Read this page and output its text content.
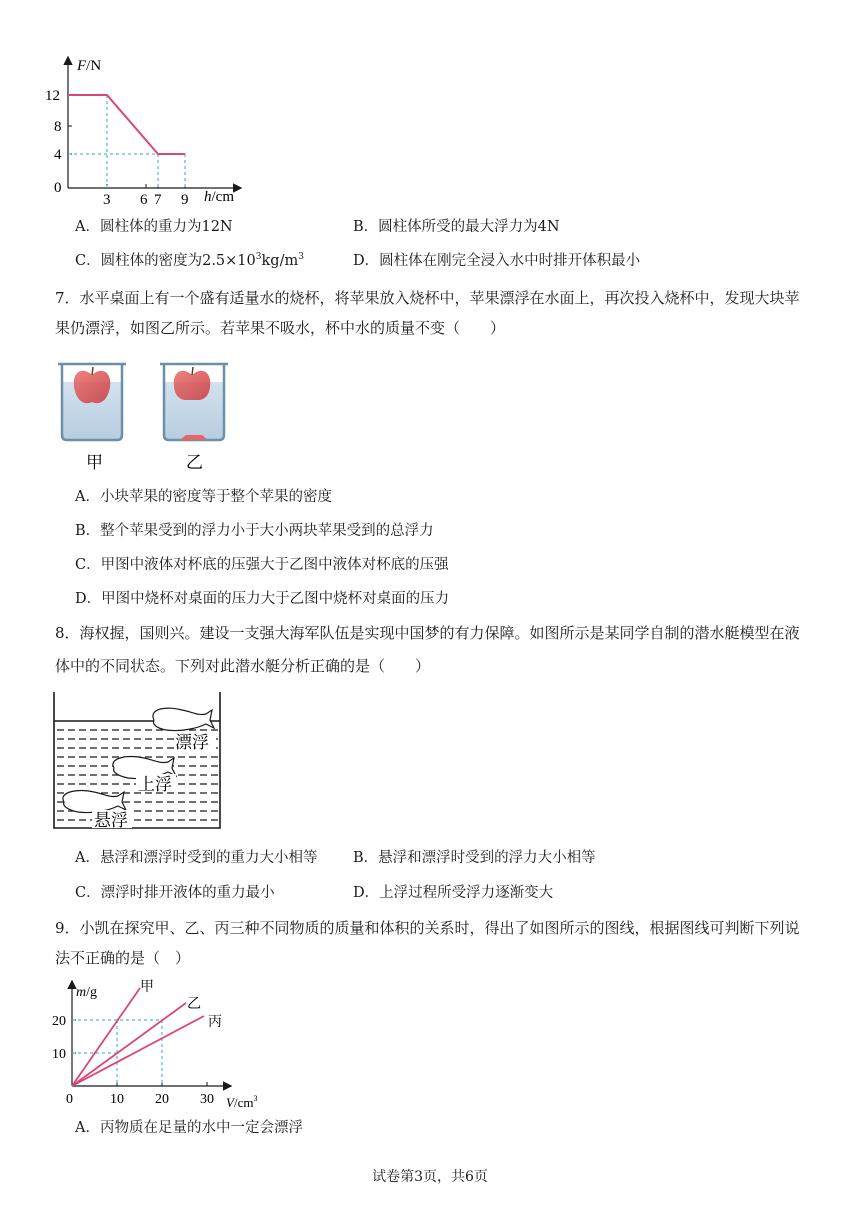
F/N
12
8
4
0
3 6 7 9 h/cm
A．圆柱体的重力为12N	B．圆柱体所受的最大浮力为4N
C．圆柱体的密度为$2.5\times 10^3kg/m^3$	D．圆柱体在刚完全浸入水中时排开体积最小
7．水平桌面上有一个盛有适量水的烧杯，将苹果放入烧杯中，苹果漂浮在水面上，再次投入烧杯中，发现大块苹
果仍漂浮，如图乙所示。若苹果不吸水，杯中水的质量不变（　　）
甲	乙
A．小块苹果的密度等于整个苹果的密度
B．整个苹果受到的浮力小于大小两块苹果受到的总浮力
C．甲图中液体对杯底的压强大于乙图中液体对杯底的压强
D．甲图中烧杯对桌面的压力大于乙图中烧杯对桌面的压力
8．海权握，国则兴。建设一支强大海军队伍是实现中国梦的有力保障。如图所示是某同学自制的潜水艇模型在液
体中的不同状态。下列对此潜水艇分析正确的是（　　）
漂浮
上浮
悬浮
A．悬浮和漂浮时受到的重力大小相等 B．悬浮和漂浮时受到的浮力大小相等
C．漂浮时排开液体的重力最小	D．上浮过程所受浮力逐渐变大
9．小凯在探究甲、乙、丙三种不同物质的质量和体积的关系时，得出了如图所示的图线，根据图线可判断下列说
法不正确的是（　）
m/g
20
10
0	10 20 30 $V/cm^3$
甲
乙
丙
A．丙物质在足量的水中一定会漂浮
试卷第3页，共6页
